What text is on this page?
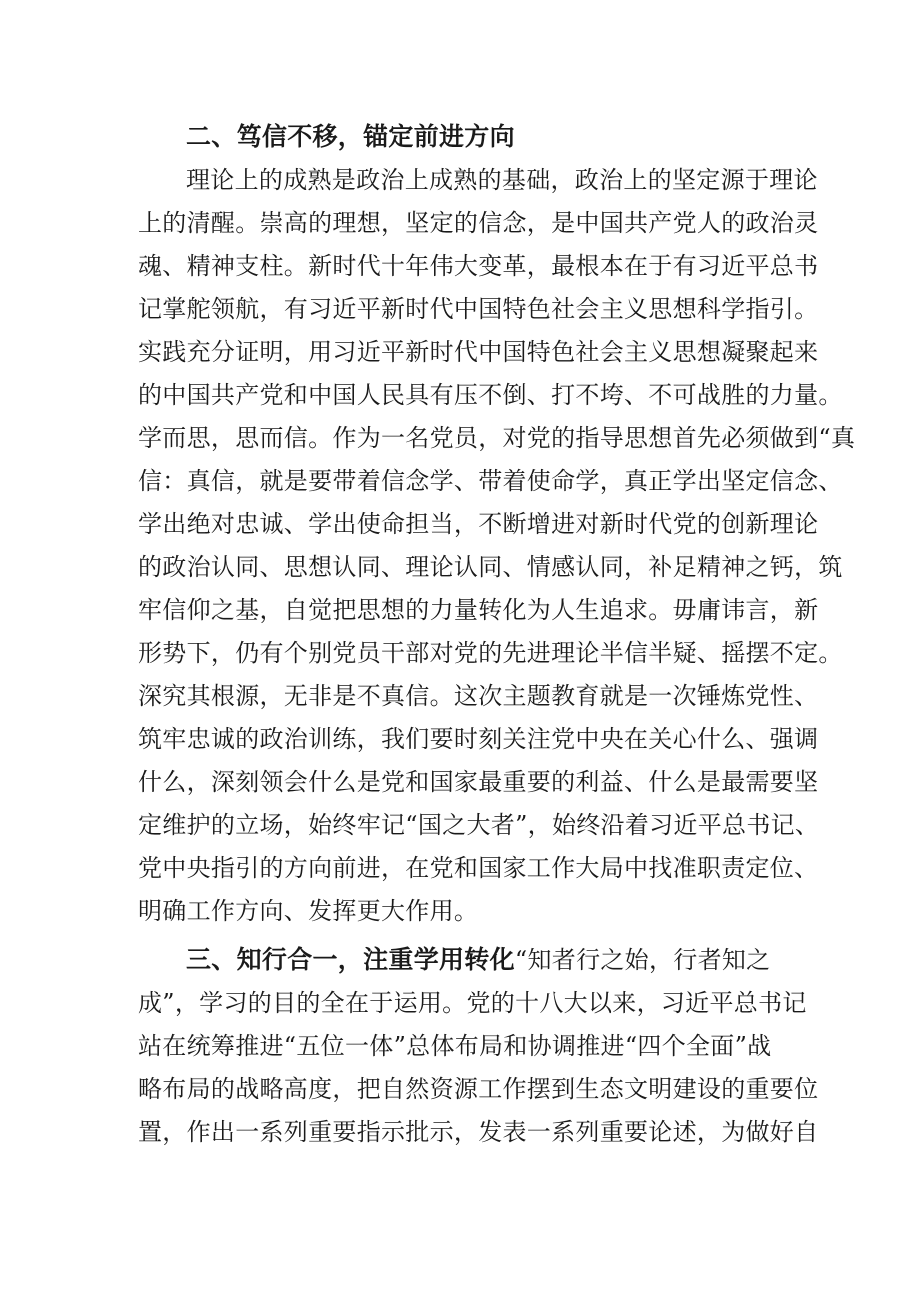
二、笃信不移，锚定前进方向
理论上的成熟是政治上成熟的基础，政治上的坚定源于理论
上的清醒。崇高的理想，坚定的信念，是中国共产党人的政治灵
魂、精神支柱。新时代十年伟大变革，最根本在于有习近平总书
记掌舵领航，有习近平新时代中国特色社会主义思想科学指引。
实践充分证明，用习近平新时代中国特色社会主义思想凝聚起来
的中国共产党和中国人民具有压不倒、打不垮、不可战胜的力量。
学而思，思而信。作为一名党员，对党的指导思想首先必须做到“真
信：真信，就是要带着信念学、带着使命学，真正学出坚定信念、
学出绝对忠诚、学出使命担当，不断增进对新时代党的创新理论
的政治认同、思想认同、理论认同、情感认同，补足精神之钙，筑
牢信仰之基，自觉把思想的力量转化为人生追求。毋庸讳言，新
形势下，仍有个别党员干部对党的先进理论半信半疑、摇摆不定。
深究其根源，无非是不真信。这次主题教育就是一次锤炼党性、
筑牢忠诚的政治训练，我们要时刻关注党中央在关心什么、强调
什么，深刻领会什么是党和国家最重要的利益、什么是最需要坚
定维护的立场，始终牢记“国之大者”，始终沿着习近平总书记、
党中央指引的方向前进，在党和国家工作大局中找准职责定位、
明确工作方向、发挥更大作用。
三、知行合一，注重学用转化“知者行之始，行者知之
成”，学习的目的全在于运用。党的十八大以来，习近平总书记
站在统筹推进“五位一体”总体布局和协调推进“四个全面”战
略布局的战略高度，把自然资源工作摆到生态文明建设的重要位
置，作出一系列重要指示批示，发表一系列重要论述，为做好自
